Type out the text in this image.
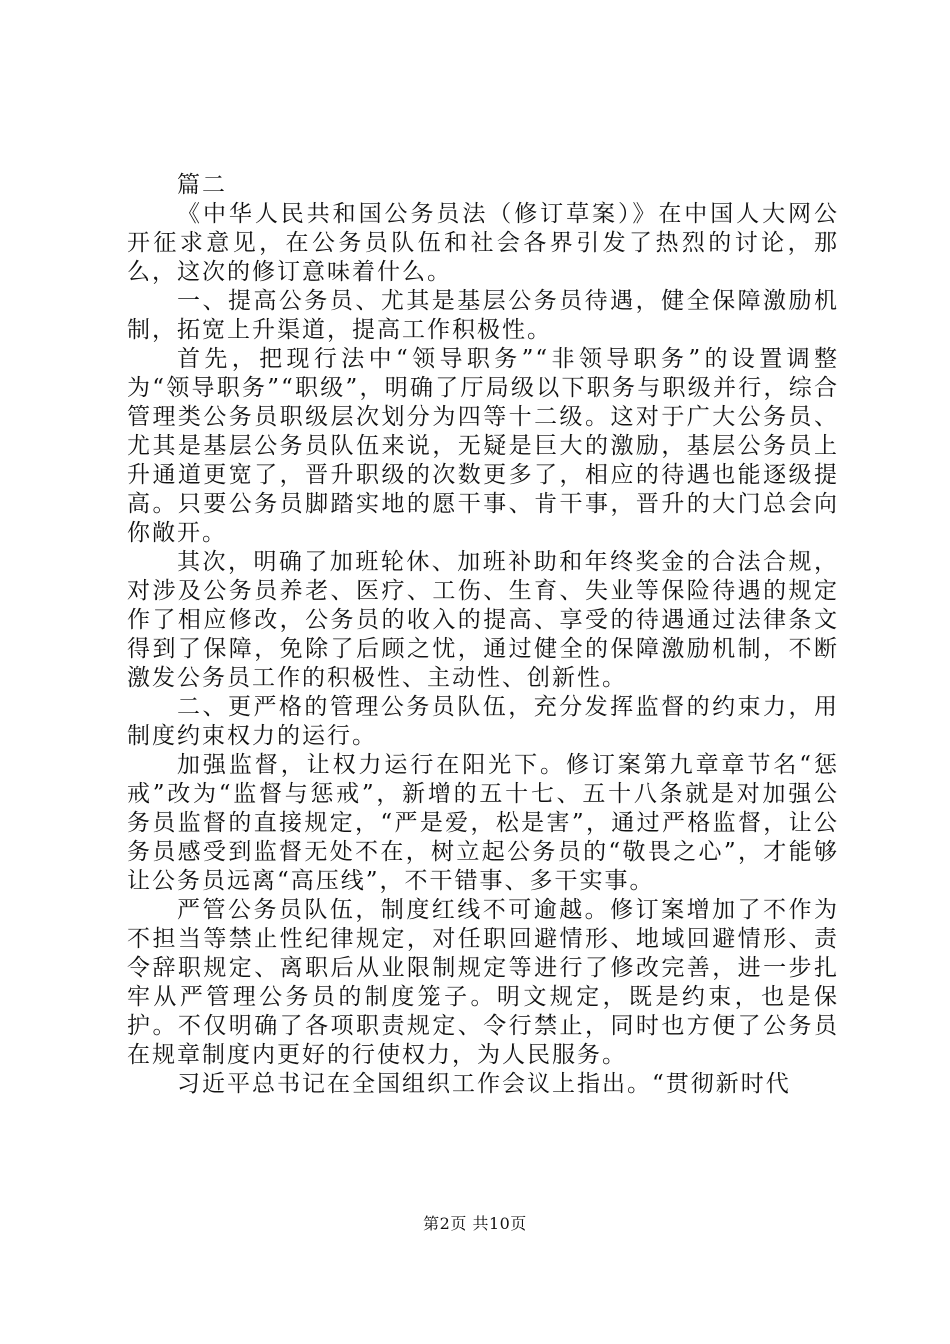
篇二

《中华人民共和国公务员法（修订草案）》在中国人大网公开征求意见，在公务员队伍和社会各界引发了热烈的讨论，那么，这次的修订意味着什么。

一、提高公务员、尤其是基层公务员待遇，健全保障激励机制，拓宽上升渠道，提高工作积极性。

首先，把现行法中“领导职务”“非领导职务”的设置调整为“领导职务”“职级”，明确了厅局级以下职务与职级并行，综合管理类公务员职级层次划分为四等十二级。这对于广大公务员、尤其是基层公务员队伍来说，无疑是巨大的激励，基层公务员上升通道更宽了，晋升职级的次数更多了，相应的待遇也能逐级提高。只要公务员脚踏实地的愿干事、肯干事，晋升的大门总会向你敞开。

其次，明确了加班轮休、加班补助和年终奖金的合法合规，对涉及公务员养老、医疗、工伤、生育、失业等保险待遇的规定作了相应修改，公务员的收入的提高、享受的待遇通过法律条文得到了保障，免除了后顾之忧，通过健全的保障激励机制，不断激发公务员工作的积极性、主动性、创新性。

二、更严格的管理公务员队伍，充分发挥监督的约束力，用制度约束权力的运行。

加强监督，让权力运行在阳光下。修订案第九章章节名“惩戒”改为“监督与惩戒”，新增的五十七、五十八条就是对加强公务员监督的直接规定，“严是爱，松是害”，通过严格监督，让公务员感受到监督无处不在，树立起公务员的“敬畏之心”，才能够让公务员远离“高压线”，不干错事、多干实事。

严管公务员队伍，制度红线不可逾越。修订案增加了不作为不担当等禁止性纪律规定，对任职回避情形、地域回避情形、责令辞职规定、离职后从业限制规定等进行了修改完善，进一步扎牢从严管理公务员的制度笼子。明文规定，既是约束，也是保护。不仅明确了各项职责规定、令行禁止，同时也方便了公务员在规章制度内更好的行使权力，为人民服务。

习近平总书记在全国组织工作会议上指出。“贯彻新时代

第2页 共10页
